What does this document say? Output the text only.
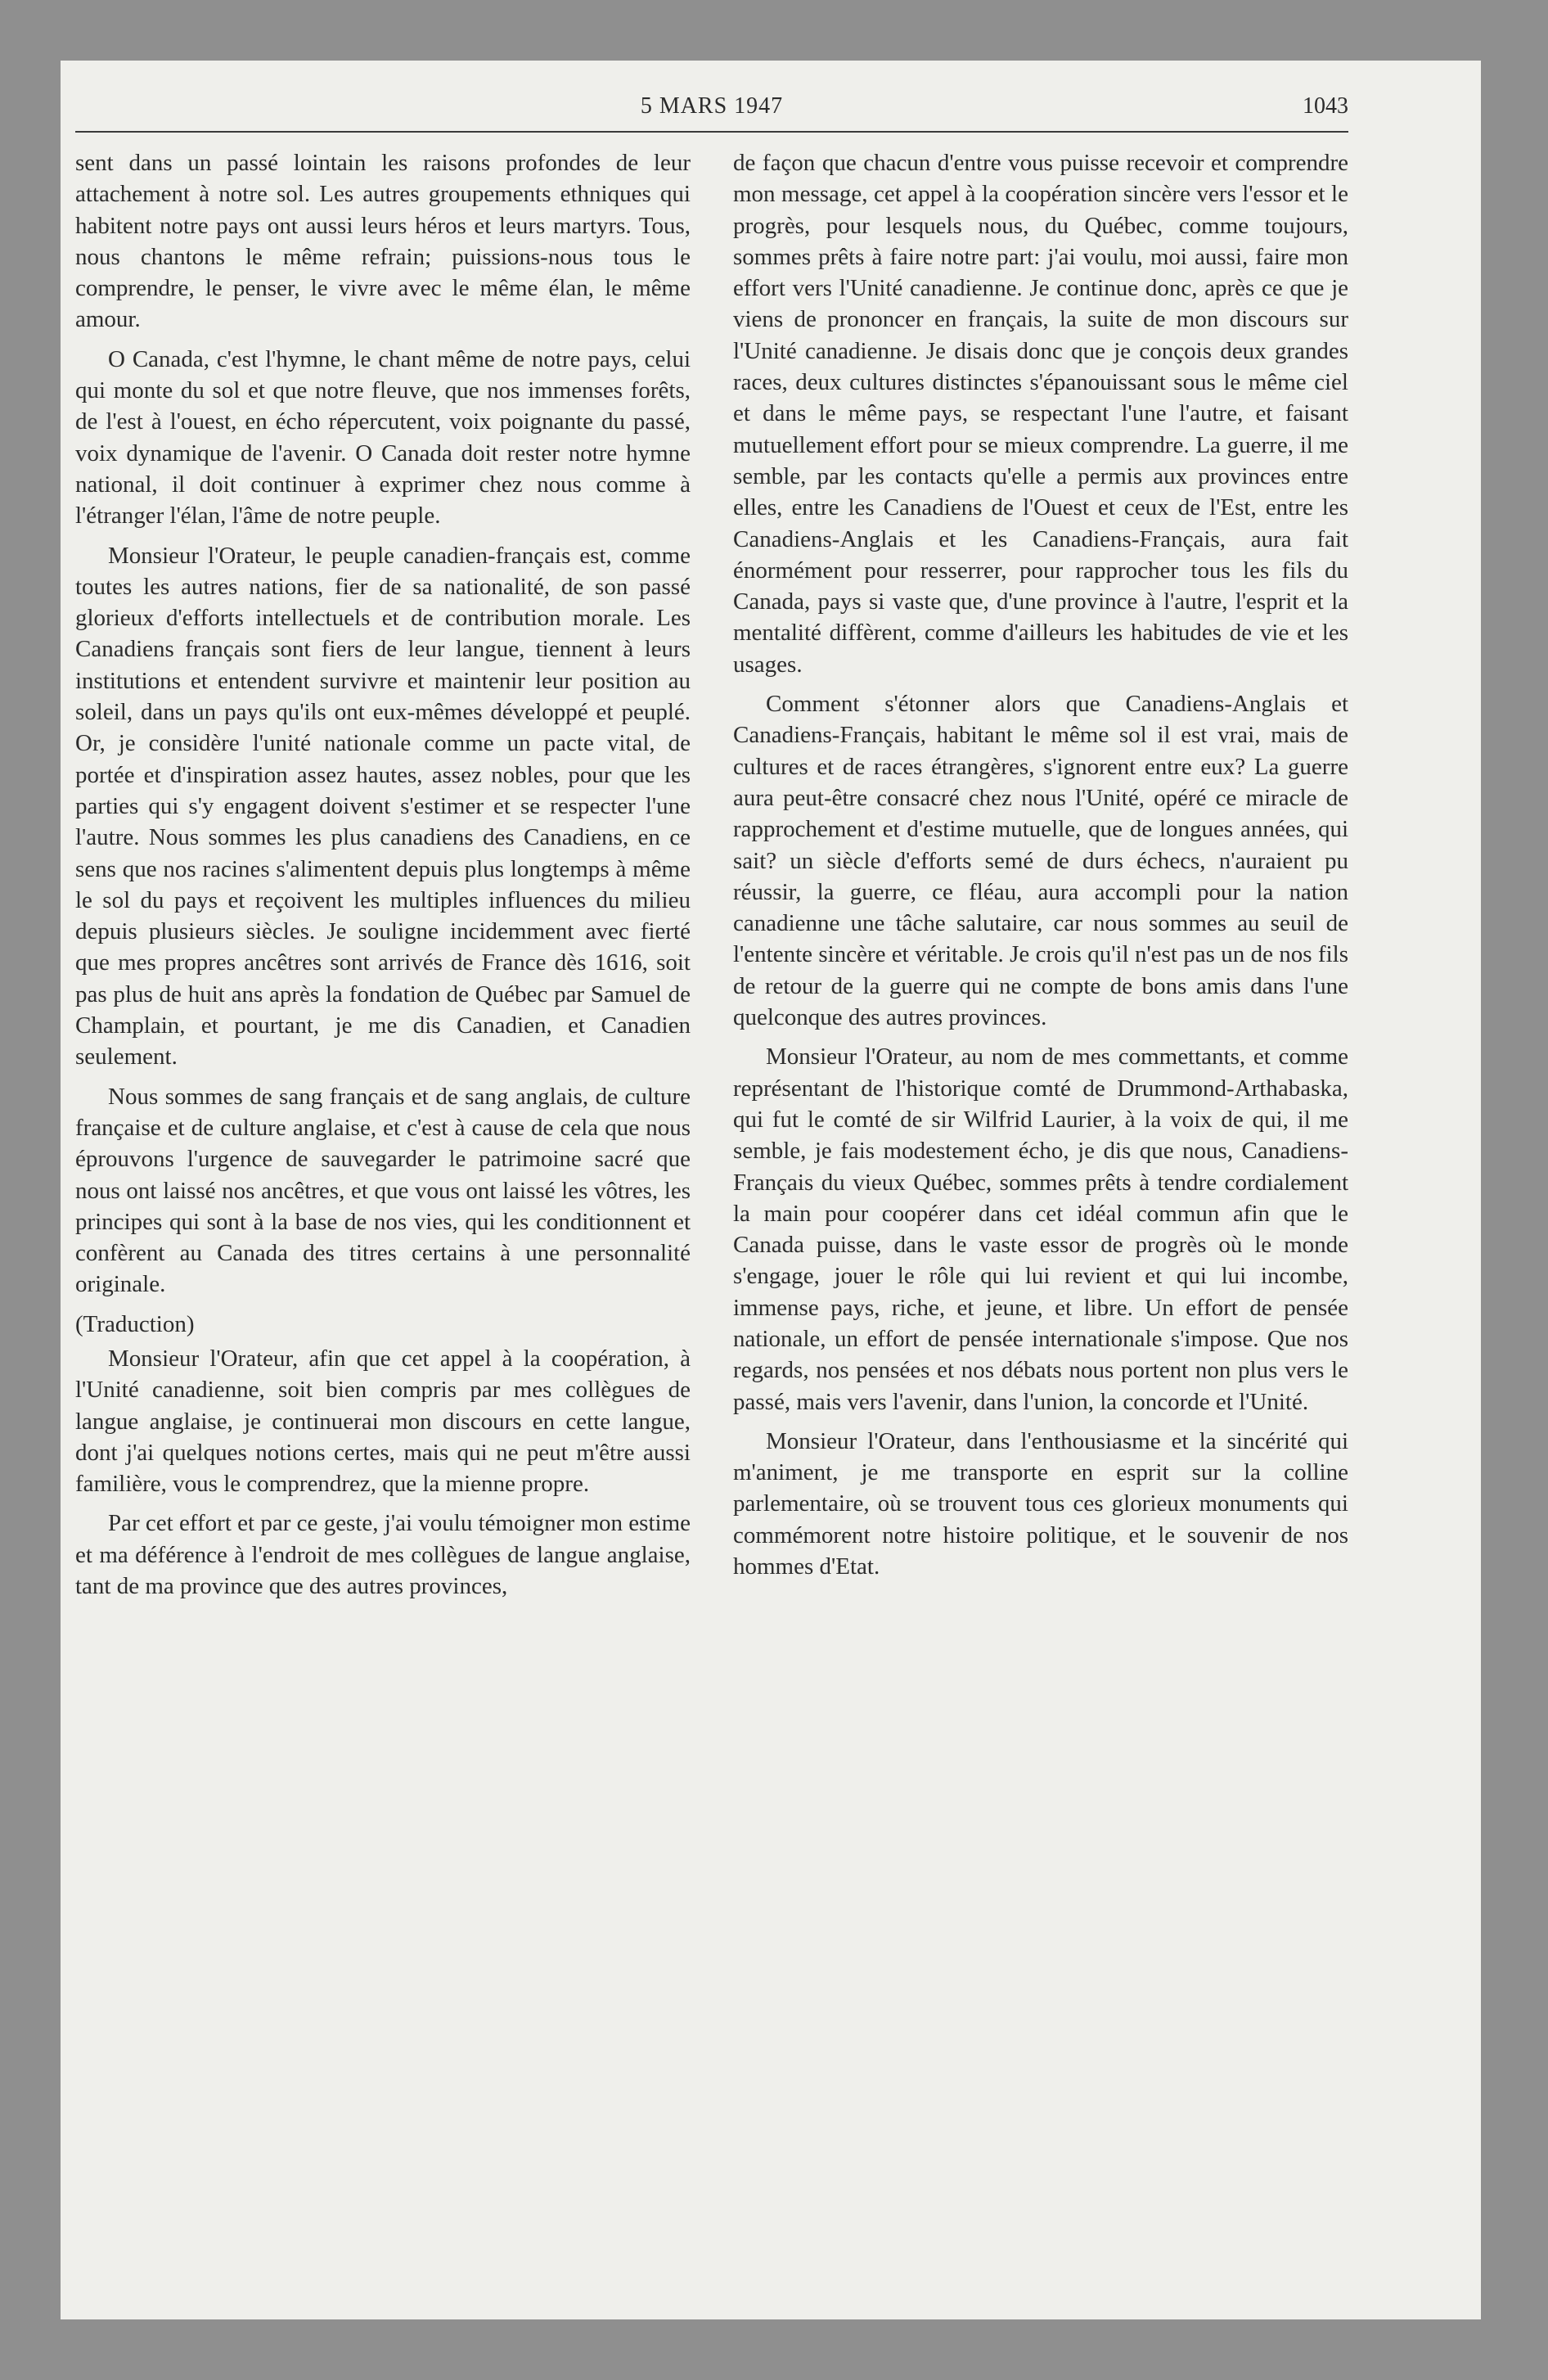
5 MARS 1947	1043

sent dans un passé lointain les raisons profondes de leur attachement à notre sol. Les autres groupements ethniques qui habitent notre pays ont aussi leurs héros et leurs martyrs. Tous, nous chantons le même refrain; puissions-nous tous le comprendre, le penser, le vivre avec le même élan, le même amour.

O Canada, c'est l'hymne, le chant même de notre pays, celui qui monte du sol et que notre fleuve, que nos immenses forêts, de l'est à l'ouest, en écho répercutent, voix poignante du passé, voix dynamique de l'avenir. O Canada doit rester notre hymne national, il doit continuer à exprimer chez nous comme à l'étranger l'élan, l'âme de notre peuple.

Monsieur l'Orateur, le peuple canadien-français est, comme toutes les autres nations, fier de sa nationalité, de son passé glorieux d'efforts intellectuels et de contribution morale. Les Canadiens français sont fiers de leur langue, tiennent à leurs institutions et entendent survivre et maintenir leur position au soleil, dans un pays qu'ils ont eux-mêmes développé et peuplé. Or, je considère l'unité nationale comme un pacte vital, de portée et d'inspiration assez hautes, assez nobles, pour que les parties qui s'y engagent doivent s'estimer et se respecter l'une l'autre. Nous sommes les plus canadiens des Canadiens, en ce sens que nos racines s'alimentent depuis plus longtemps à même le sol du pays et reçoivent les multiples influences du milieu depuis plusieurs siècles. Je souligne incidemment avec fierté que mes propres ancêtres sont arrivés de France dès 1616, soit pas plus de huit ans après la fondation de Québec par Samuel de Champlain, et pourtant, je me dis Canadien, et Canadien seulement.

Nous sommes de sang français et de sang anglais, de culture française et de culture anglaise, et c'est à cause de cela que nous éprouvons l'urgence de sauvegarder le patrimoine sacré que nous ont laissé nos ancêtres, et que vous ont laissé les vôtres, les principes qui sont à la base de nos vies, qui les conditionnent et confèrent au Canada des titres certains à une personnalité originale.

(Traduction)

Monsieur l'Orateur, afin que cet appel à la coopération, à l'Unité canadienne, soit bien compris par mes collègues de langue anglaise, je continuerai mon discours en cette langue, dont j'ai quelques notions certes, mais qui ne peut m'être aussi familière, vous le comprendrez, que la mienne propre.

Par cet effort et par ce geste, j'ai voulu témoigner mon estime et ma déférence à l'endroit de mes collègues de langue anglaise, tant de ma province que des autres provinces,

de façon que chacun d'entre vous puisse recevoir et comprendre mon message, cet appel à la coopération sincère vers l'essor et le progrès, pour lesquels nous, du Québec, comme toujours, sommes prêts à faire notre part: j'ai voulu, moi aussi, faire mon effort vers l'Unité canadienne. Je continue donc, après ce que je viens de prononcer en français, la suite de mon discours sur l'Unité canadienne. Je disais donc que je conçois deux grandes races, deux cultures distinctes s'épanouissant sous le même ciel et dans le même pays, se respectant l'une l'autre, et faisant mutuellement effort pour se mieux comprendre. La guerre, il me semble, par les contacts qu'elle a permis aux provinces entre elles, entre les Canadiens de l'Ouest et ceux de l'Est, entre les Canadiens-Anglais et les Canadiens-Français, aura fait énormément pour resserrer, pour rapprocher tous les fils du Canada, pays si vaste que, d'une province à l'autre, l'esprit et la mentalité diffèrent, comme d'ailleurs les habitudes de vie et les usages.

Comment s'étonner alors que Canadiens-Anglais et Canadiens-Français, habitant le même sol il est vrai, mais de cultures et de races étrangères, s'ignorent entre eux? La guerre aura peut-être consacré chez nous l'Unité, opéré ce miracle de rapprochement et d'estime mutuelle, que de longues années, qui sait? un siècle d'efforts semé de durs échecs, n'auraient pu réussir, la guerre, ce fléau, aura accompli pour la nation canadienne une tâche salutaire, car nous sommes au seuil de l'entente sincère et véritable. Je crois qu'il n'est pas un de nos fils de retour de la guerre qui ne compte de bons amis dans l'une quelconque des autres provinces.

Monsieur l'Orateur, au nom de mes commettants, et comme représentant de l'historique comté de Drummond-Arthabaska, qui fut le comté de sir Wilfrid Laurier, à la voix de qui, il me semble, je fais modestement écho, je dis que nous, Canadiens-Français du vieux Québec, sommes prêts à tendre cordialement la main pour coopérer dans cet idéal commun afin que le Canada puisse, dans le vaste essor de progrès où le monde s'engage, jouer le rôle qui lui revient et qui lui incombe, immense pays, riche, et jeune, et libre. Un effort de pensée nationale, un effort de pensée internationale s'impose. Que nos regards, nos pensées et nos débats nous portent non plus vers le passé, mais vers l'avenir, dans l'union, la concorde et l'Unité.

Monsieur l'Orateur, dans l'enthousiasme et la sincérité qui m'animent, je me transporte en esprit sur la colline parlementaire, où se trouvent tous ces glorieux monuments qui commémorent notre histoire politique, et le souvenir de nos hommes d'Etat.
